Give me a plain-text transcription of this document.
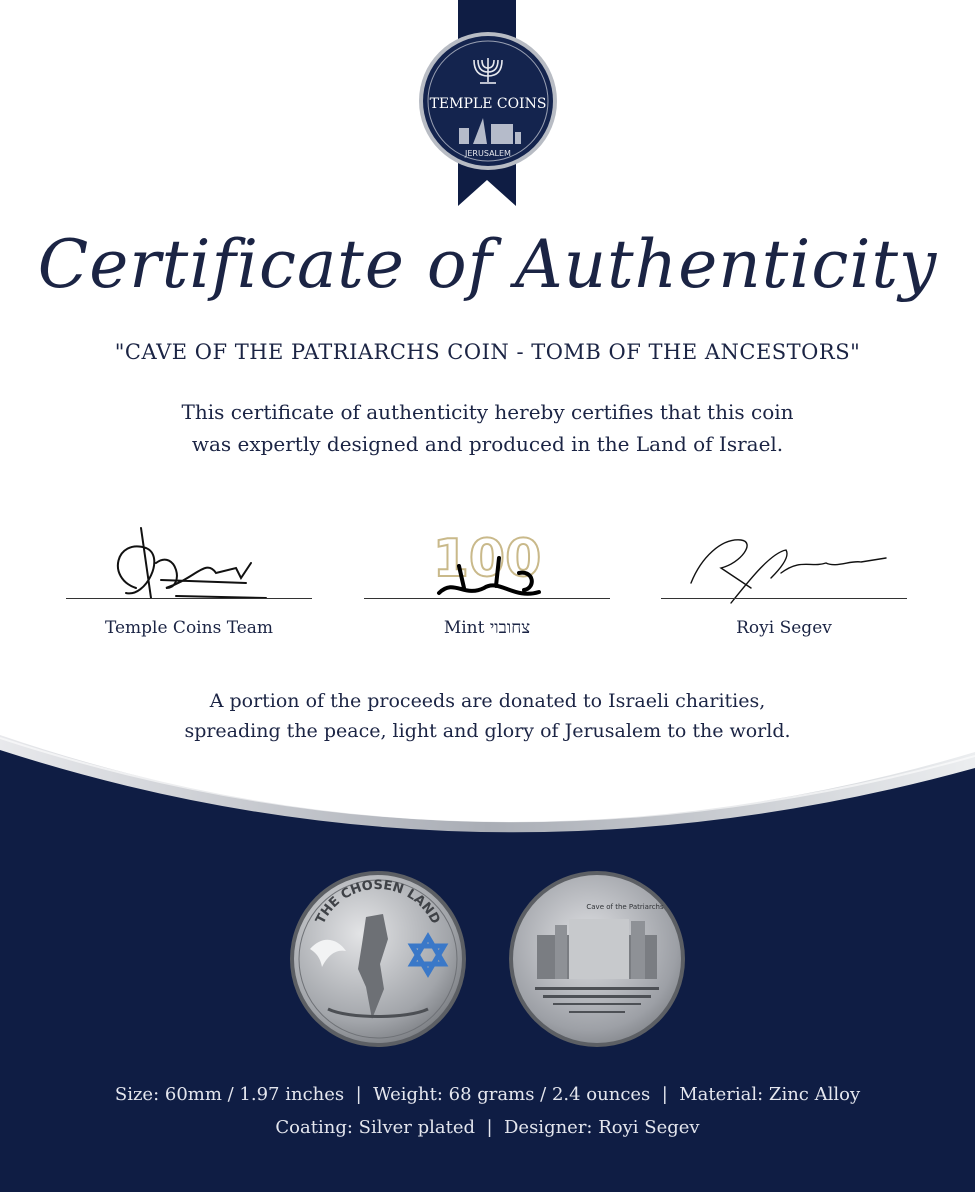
TEMPLE COINS
JERUSALEM
Certificate of Authenticity
"CAVE OF THE PATRIARCHS COIN - TOMB OF THE ANCESTORS"
This certificate of authenticity hereby certifies that this coin
was expertly designed and produced in the Land of Israel.
Temple Coins Team
100
Mint צחובוי	Royi Segev
A portion of the proceeds are donated to Israeli charities,
spreading the peace, light and glory of Jerusalem to the world.
THE CHOSEN LAND
Cave of the Patriarchs
Size: 60mm / 1.97 inches  |  Weight: 68 grams / 2.4 ounces  |  Material: Zinc Alloy
Coating: Silver plated  |  Designer: Royi Segev
